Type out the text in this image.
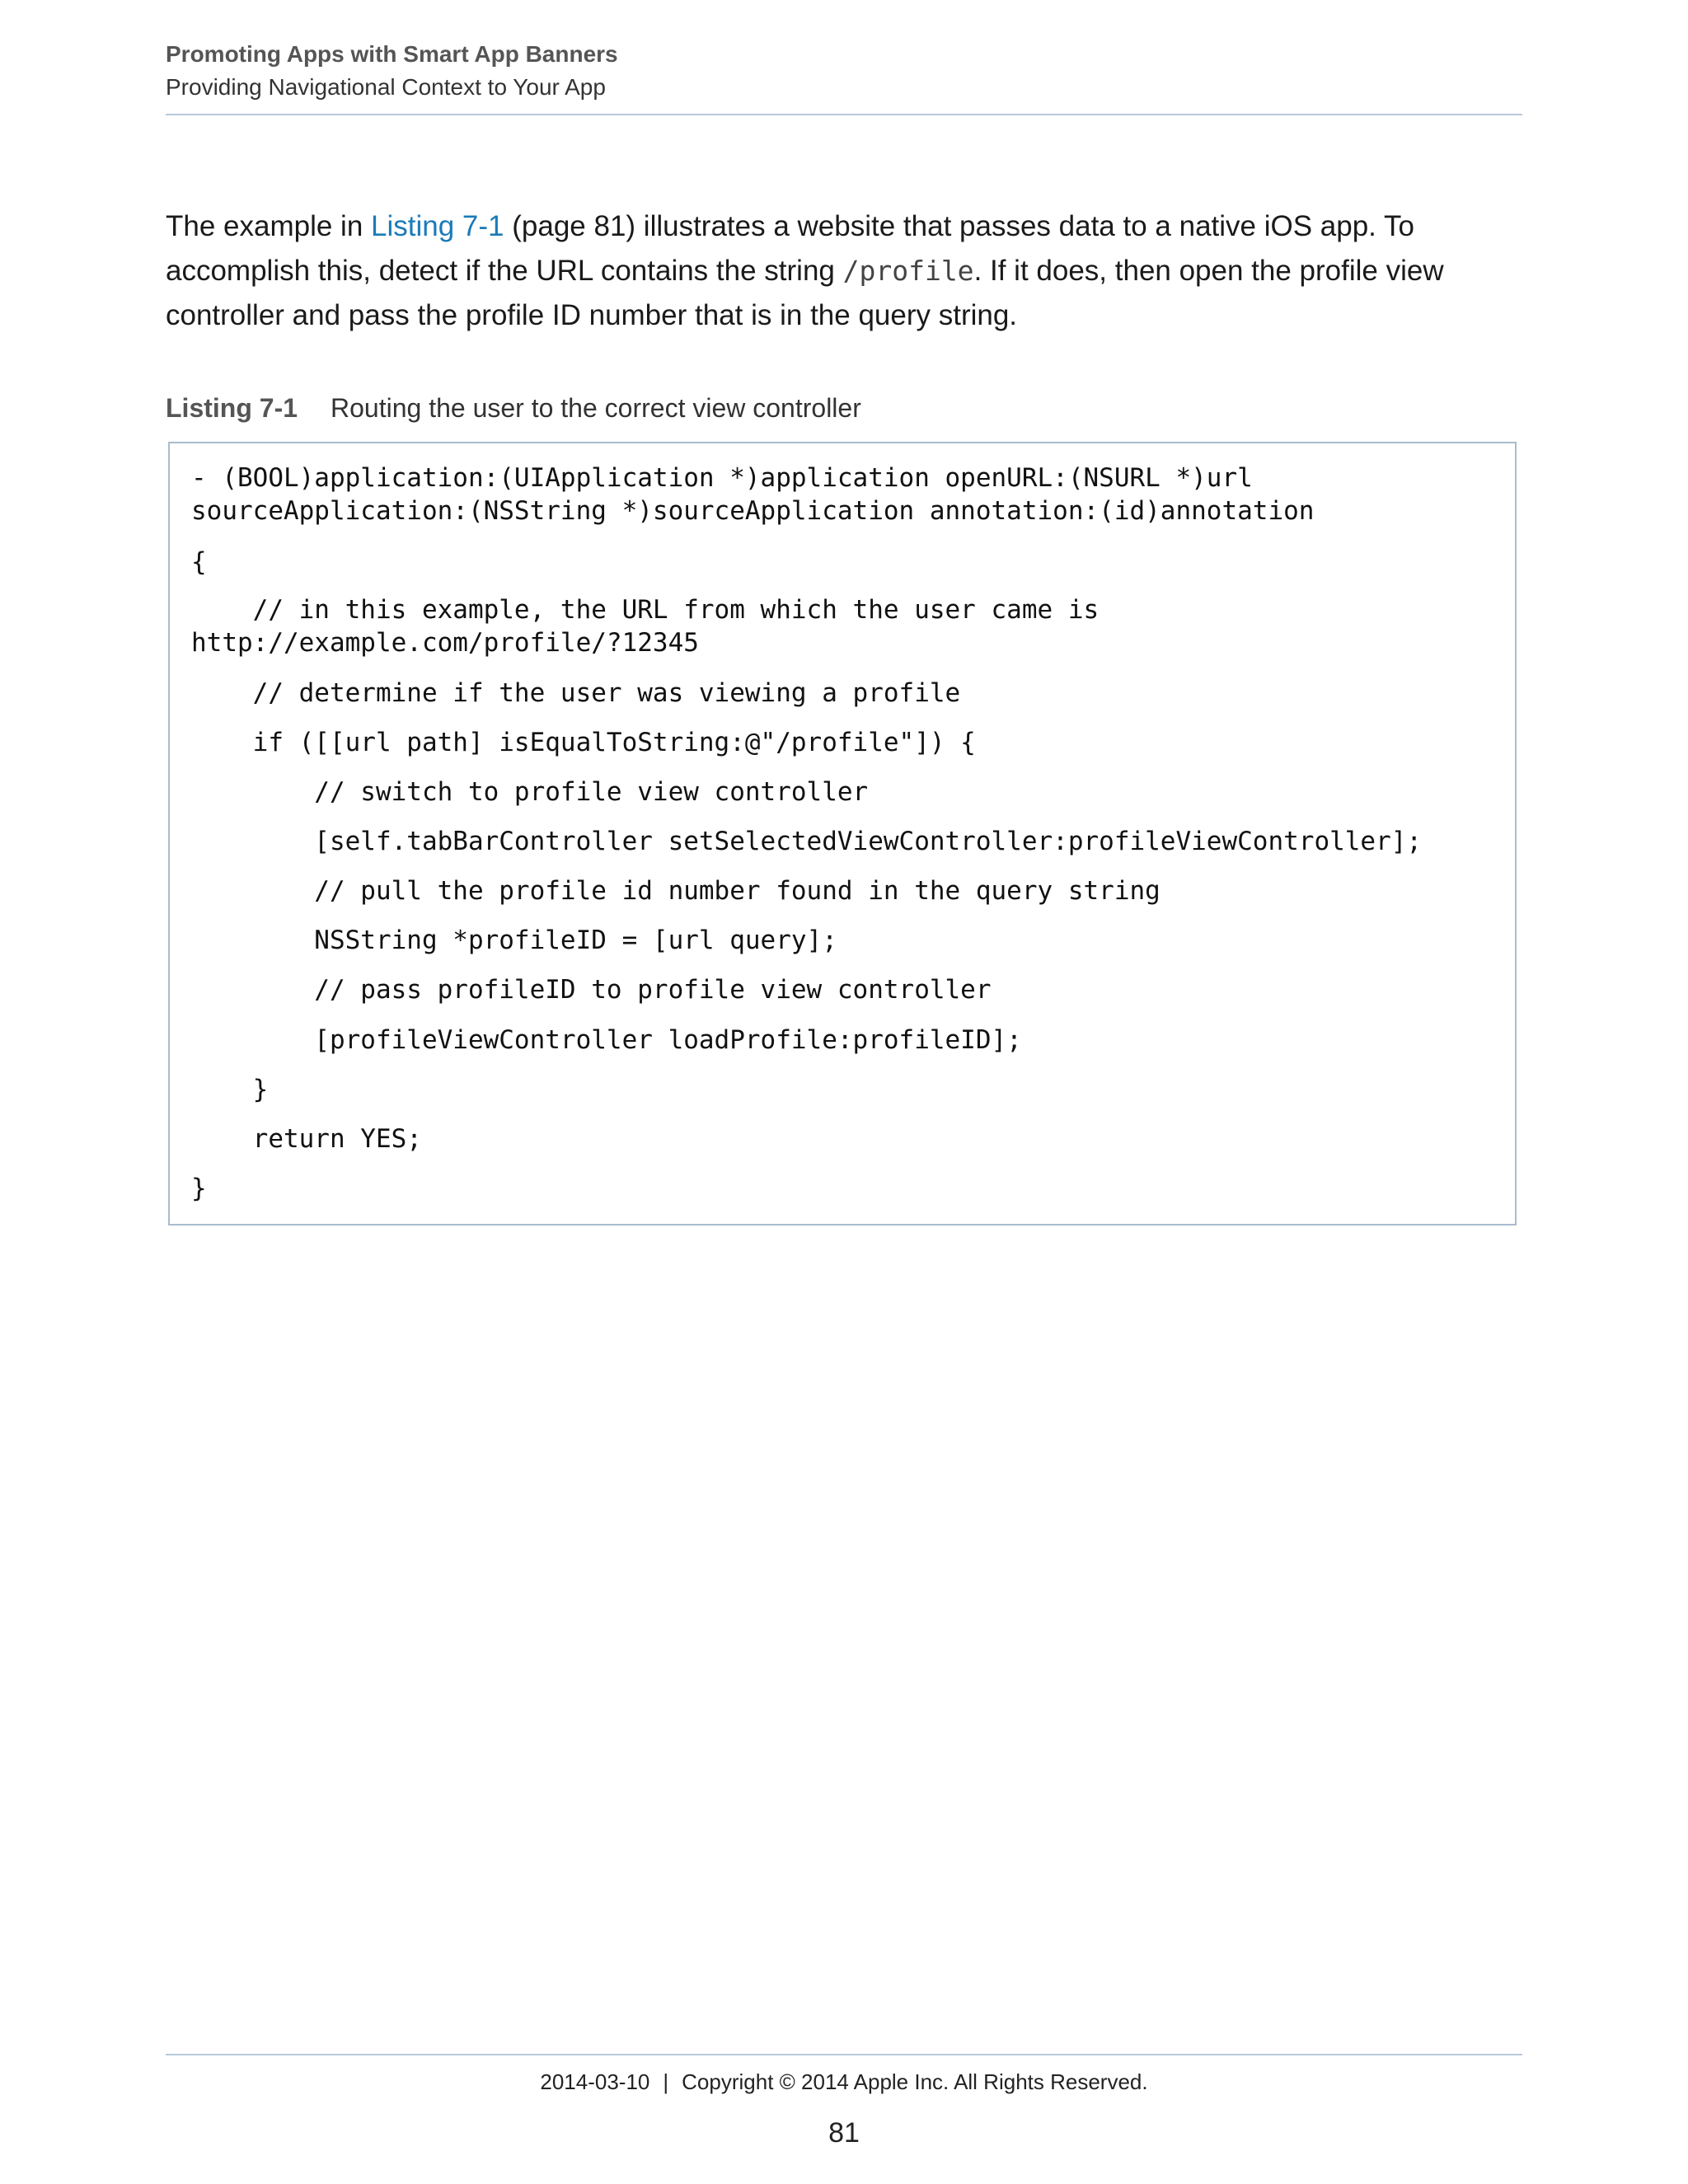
Promoting Apps with Smart App Banners
Providing Navigational Context to Your App

The example in Listing 7-1 (page 81) illustrates a website that passes data to a native iOS app. To accomplish this, detect if the URL contains the string /profile. If it does, then open the profile view controller and pass the profile ID number that is in the query string.

Listing 7-1 Routing the user to the correct view controller
- (BOOL)application:(UIApplication *)application openURL:(NSURL *)url
sourceApplication:(NSString *)sourceApplication annotation:(id)annotation
{
// in this example, the URL from which the user came is
http://example.com/profile/?12345
// determine if the user was viewing a profile
if ([[url path] isEqualToString:@"/profile"]) {
// switch to profile view controller
[self.tabBarController setSelectedViewController:profileViewController];
// pull the profile id number found in the query string
NSString *profileID = [url query];
// pass profileID to profile view controller
[profileViewController loadProfile:profileID];
}
return YES;
}
2014-03-10 | Copyright © 2014 Apple Inc. All Rights Reserved.
81
